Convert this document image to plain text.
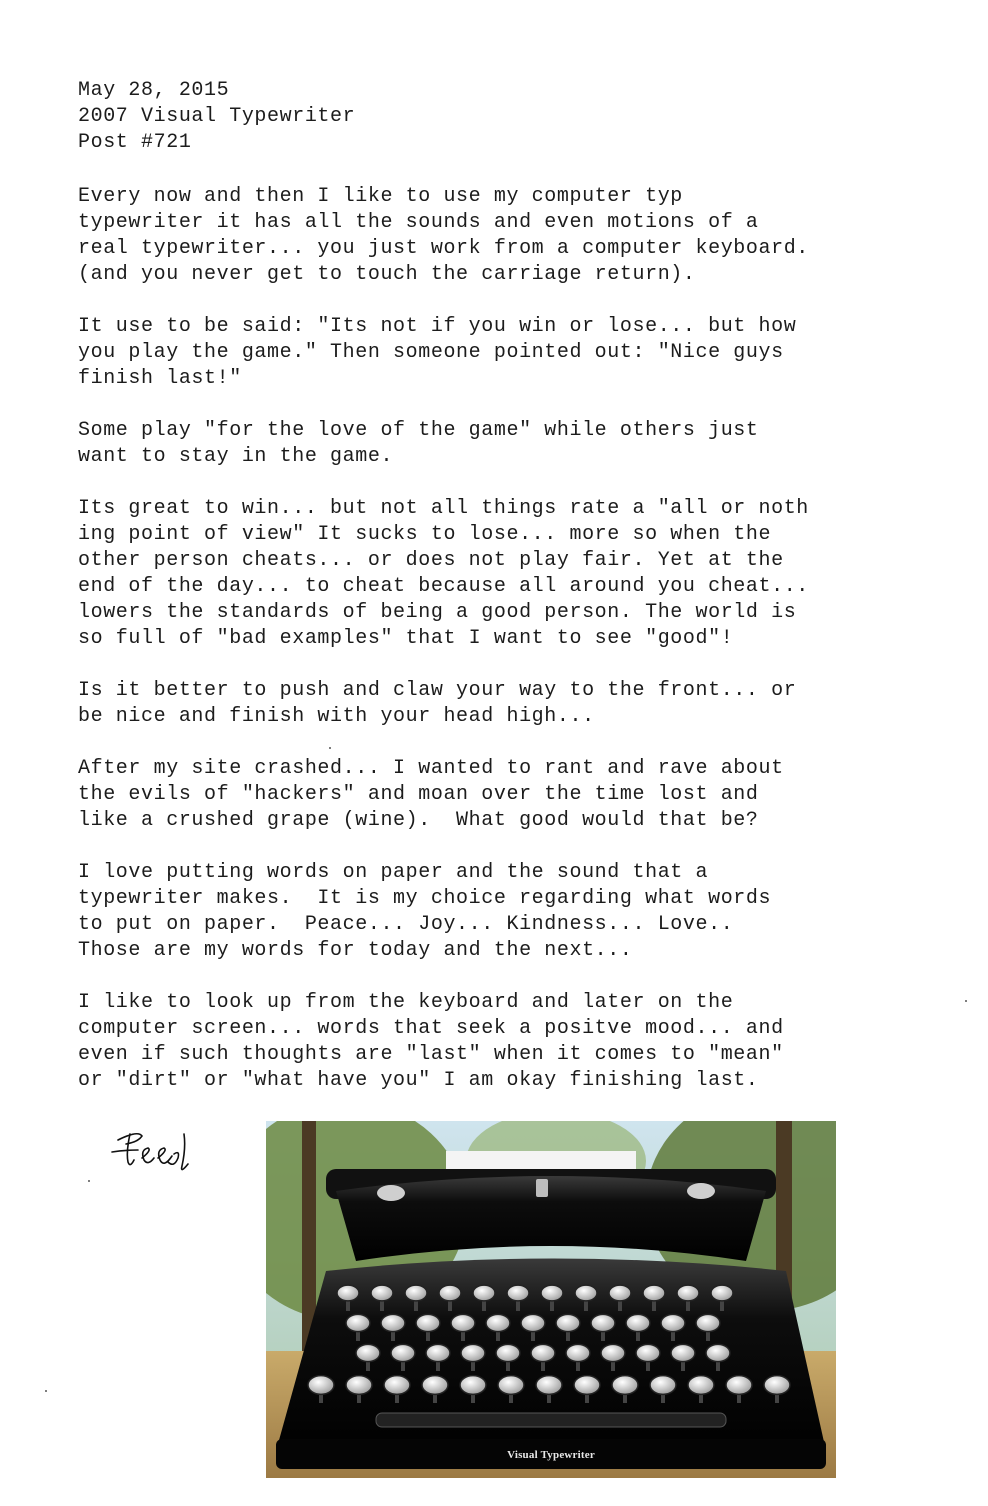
May 28, 2015
2007 Visual Typewriter
Post #721
Every now and then I like to use my computer typ
typewriter it has all the sounds and even motions of a
real typewriter... you just work from a computer keyboard.
(and you never get to touch the carriage return).
It use to be said: "Its not if you win or lose... but how
you play the game." Then someone pointed out: "Nice guys
finish last!"
Some play "for the love of the game" while others just
want to stay in the game.
Its great to win... but not all things rate a "all or noth
ing point of view" It sucks to lose... more so when the
other person cheats... or does not play fair. Yet at the
end of the day... to cheat because all around you cheat...
lowers the standards of being a good person. The world is
so full of "bad examples" that I want to see "good"!
Is it better to push and claw your way to the front... or
be nice and finish with your head high...
After my site crashed... I wanted to rant and rave about
the evils of "hackers" and moan over the time lost and
like a crushed grape (wine).  What good would that be?
I love putting words on paper and the sound that a
typewriter makes.  It is my choice regarding what words
to put on paper.  Peace... Joy... Kindness... Love..
Those are my words for today and the next...
I like to look up from the keyboard and later on the
computer screen... words that seek a positve mood... and
even if such thoughts are "last" when it comes to "mean"
or "dirt" or "what have you" I am okay finishing last.
Visual Typewriter
